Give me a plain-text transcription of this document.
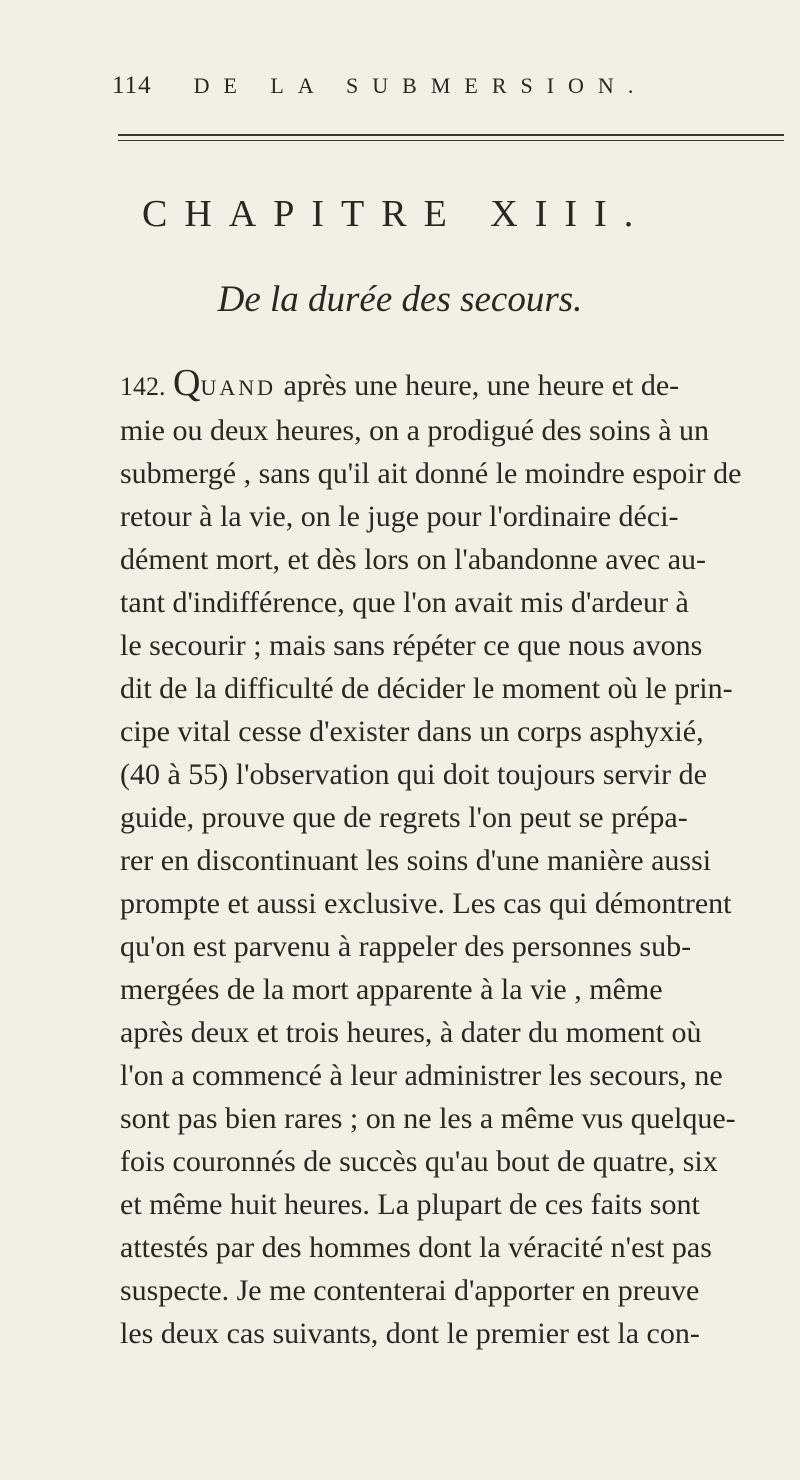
114 DE LA SUBMERSION.
CHAPITRE XIII.
De la durée des secours.
142. QUAND après une heure, une heure et de-
mie ou deux heures, on a prodigué des soins à un
submergé , sans qu'il ait donné le moindre espoir de
retour à la vie, on le juge pour l'ordinaire déci-
dément mort, et dès lors on l'abandonne avec au-
tant d'indifférence, que l'on avait mis d'ardeur à
le secourir ; mais sans répéter ce que nous avons
dit de la difficulté de décider le moment où le prin-
cipe vital cesse d'exister dans un corps asphyxié,
(40 à 55) l'observation qui doit toujours servir de
guide, prouve que de regrets l'on peut se prépa-
rer en discontinuant les soins d'une manière aussi
prompte et aussi exclusive. Les cas qui démontrent
qu'on est parvenu à rappeler des personnes sub-
mergées de la mort apparente à la vie , même
après deux et trois heures, à dater du moment où
l'on a commencé à leur administrer les secours, ne
sont pas bien rares ; on ne les a même vus quelque-
fois couronnés de succès qu'au bout de quatre, six
et même huit heures. La plupart de ces faits sont
attestés par des hommes dont la véracité n'est pas
suspecte. Je me contenterai d'apporter en preuve
les deux cas suivants, dont le premier est la con-
